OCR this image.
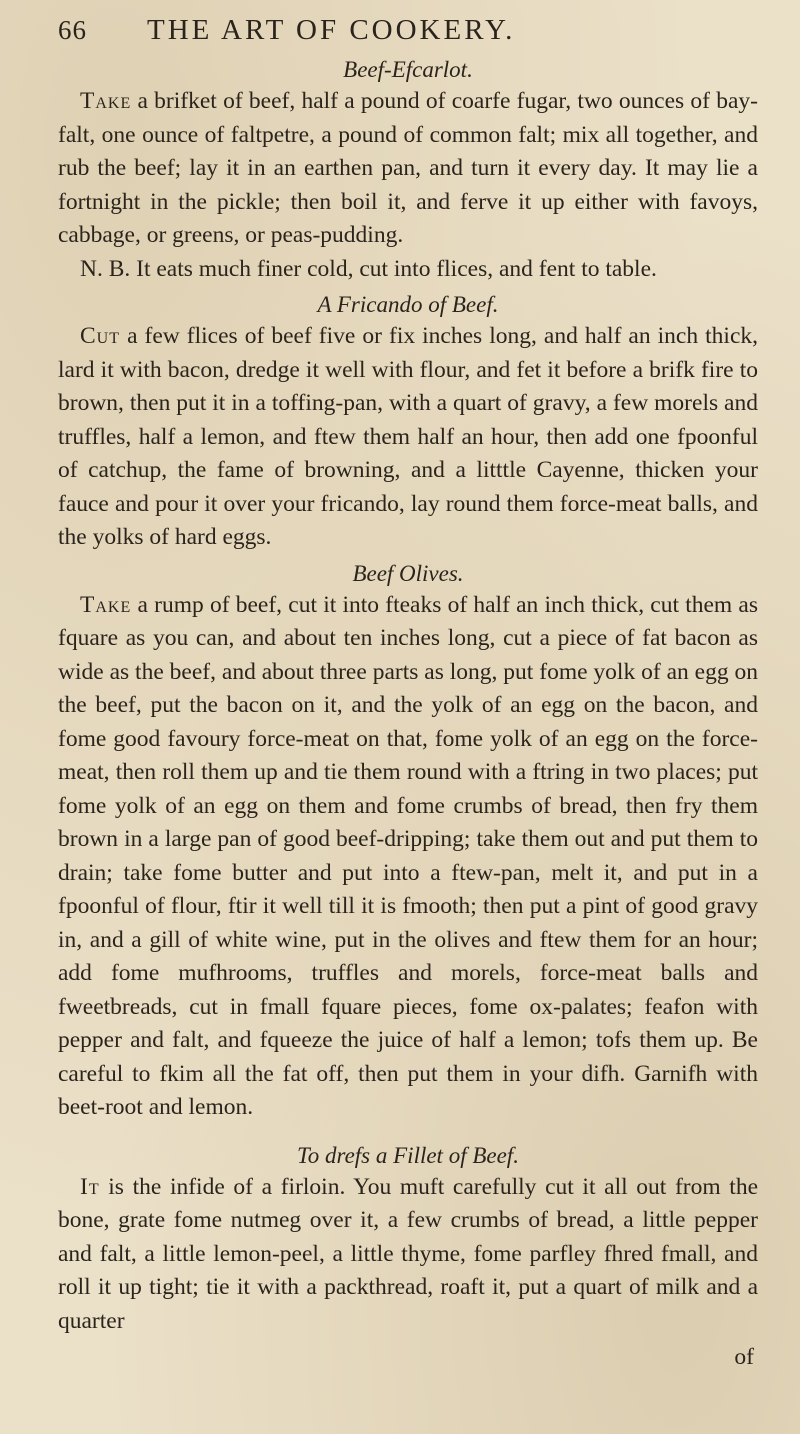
66 THE ART OF COOKERY.
Beef-Efcarlot.

Take a brifket of beef, half a pound of coarfe fugar, two ounces of bay-falt, one ounce of faltpetre, a pound of common falt; mix all together, and rub the beef; lay it in an earthen pan, and turn it every day. It may lie a fortnight in the pickle; then boil it, and ferve it up either with favoys, cabbage, or greens, or peas-pudding.

N. B. It eats much finer cold, cut into flices, and fent to table.

A Fricando of Beef.

Cut a few flices of beef five or fix inches long, and half an inch thick, lard it with bacon, dredge it well with flour, and fet it before a brifk fire to brown, then put it in a toffing-pan, with a quart of gravy, a few morels and truffles, half a lemon, and ftew them half an hour, then add one fpoonful of catchup, the fame of browning, and a litttle Cayenne, thicken your fauce and pour it over your fricando, lay round them force-meat balls, and the yolks of hard eggs.

Beef Olives.

Take a rump of beef, cut it into fteaks of half an inch thick, cut them as fquare as you can, and about ten inches long, cut a piece of fat bacon as wide as the beef, and about three parts as long, put fome yolk of an egg on the beef, put the bacon on it, and the yolk of an egg on the bacon, and fome good favoury force-meat on that, fome yolk of an egg on the force-meat, then roll them up and tie them round with a ftring in two places; put fome yolk of an egg on them and fome crumbs of bread, then fry them brown in a large pan of good beef-dripping; take them out and put them to drain; take fome butter and put into a ftew-pan, melt it, and put in a fpoonful of flour, ftir it well till it is fmooth; then put a pint of good gravy in, and a gill of white wine, put in the olives and ftew them for an hour; add fome mufhrooms, truffles and morels, force-meat balls and fweetbreads, cut in fmall fquare pieces, fome ox-palates; feafon with pepper and falt, and fqueeze the juice of half a lemon; tofs them up. Be careful to fkim all the fat off, then put them in your difh. Garnifh with beet-root and lemon.

To drefs a Fillet of Beef.

It is the infide of a firloin. You muft carefully cut it all out from the bone, grate fome nutmeg over it, a few crumbs of bread, a little pepper and falt, a little lemon-peel, a little thyme, fome parfley fhred fmall, and roll it up tight; tie it with a packthread, roaft it, put a quart of milk and a quarter

of
